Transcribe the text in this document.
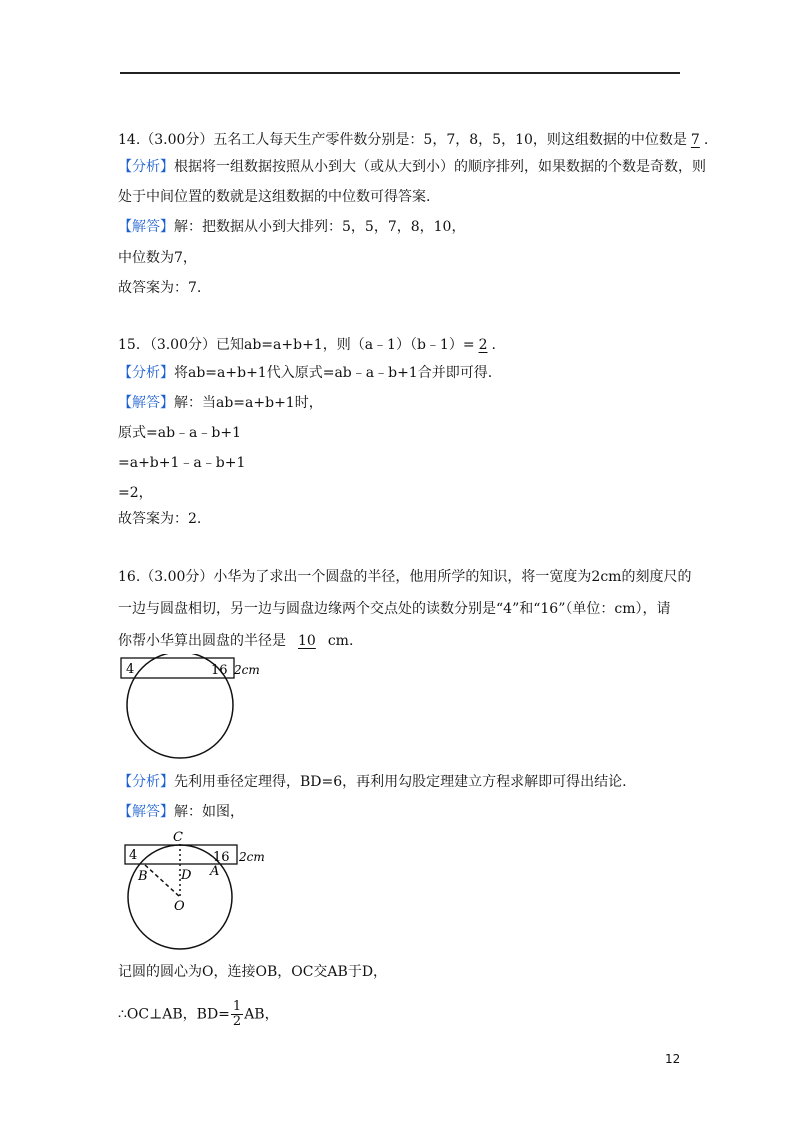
14.（3.00分）五名工人每天生产零件数分别是：5，7，8，5，10，则这组数据的中位数是 7 .
【分析】根据将一组数据按照从小到大（或从大到小）的顺序排列，如果数据的个数是奇数，则
处于中间位置的数就是这组数据的中位数可得答案.
【解答】解：把数据从小到大排列：5，5，7，8，10，
中位数为7，
故答案为：7.
15．（3.00分）已知ab=a+b+1，则（a﹣1）（b﹣1）= 2 .
【分析】将ab=a+b+1代入原式=ab﹣a﹣b+1合并即可得.
【解答】解：当ab=a+b+1时，
原式=ab﹣a﹣b+1
=a+b+1﹣a﹣b+1
=2，
故答案为：2.
16.（3.00分）小华为了求出一个圆盘的半径，他用所学的知识，将一宽度为2cm的刻度尺的
一边与圆盘相切，另一边与圆盘边缘两个交点处的读数分别是“4”和“16”（单位：cm），请
你帮小华算出圆盘的半径是 10 cm.
4	16 2cm
【分析】先利用垂径定理得，BD=6，再利用勾股定理建立方程求解即可得出结论.
【解答】解：如图，
4	16 2cm
C
D
B	A
O
记圆的圆心为O，连接OB，OC交AB于D，
∴OC⊥AB，$BD= \frac{1}{2}$ AB，
12
